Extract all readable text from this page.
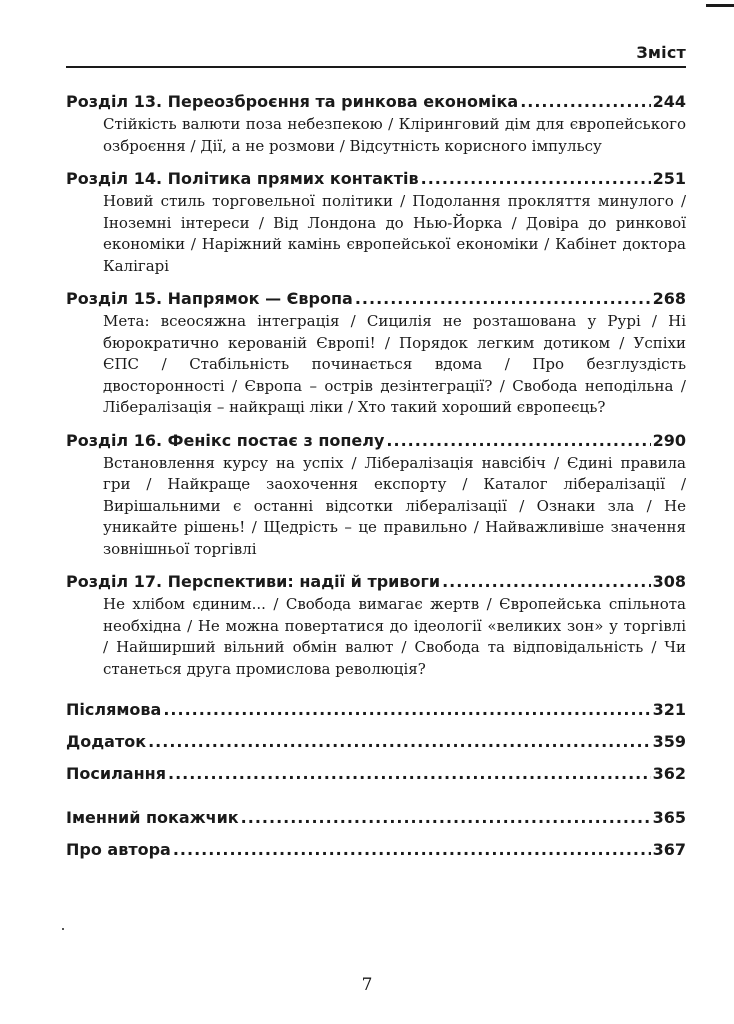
Зміст
Розділ 13. Переозброєння та ринкова економіка .....	244

Стійкість валюти поза небезпекою / Кліринговий дім для європейського озброєння / Дії, а не розмови / Відсутність корисного імпульсу

Розділ 14. Політика прямих контактів .....	251

Новий стиль торговельної політики / Подолання прокляття минулого / Іноземні інтереси / Від Лондона до Нью-Йорка / Довіра до ринкової економіки / Наріжний камінь європейської економіки / Кабінет доктора Калігарі

Розділ 15. Напрямок — Європа .....	268

Мета: всеосяжна інтеграція / Сицилія не розташована у Рурі / Ні бюрократично керованій Європі! / Порядок легким дотиком / Успіхи ЄПС / Стабільність починається вдома / Про безглуздість двосторонності / Європа – острів дезінтеграції? / Свобода неподільна / Лібералізація – найкращі ліки / Хто такий хороший європеєць?

Розділ 16. Фенікс постає з попелу .....	290

Встановлення курсу на успіх / Лібералізація навсібіч / Єдині правила гри / Найкраще заохочення експорту / Каталог лібералізації / Вирішальними є останні відсотки лібералізації / Ознаки зла / Не уникайте рішень! / Щедрість – це правильно / Найважливіше значення зовнішньої торгівлі

Розділ 17. Перспективи: надії й тривоги .....	308

Не хлібом єдиним... / Свобода вимагає жертв / Європейська спільнота необхідна / Не можна повертатися до ідеології «великих зон» у торгівлі / Найширший вільний обмін валют / Свобода та відповідальність / Чи станеться друга промислова революція?

Післямова .....	321
Додаток .....	359
Посилання .....	362
Іменний покажчик .....	365
Про автора .....	367
7
